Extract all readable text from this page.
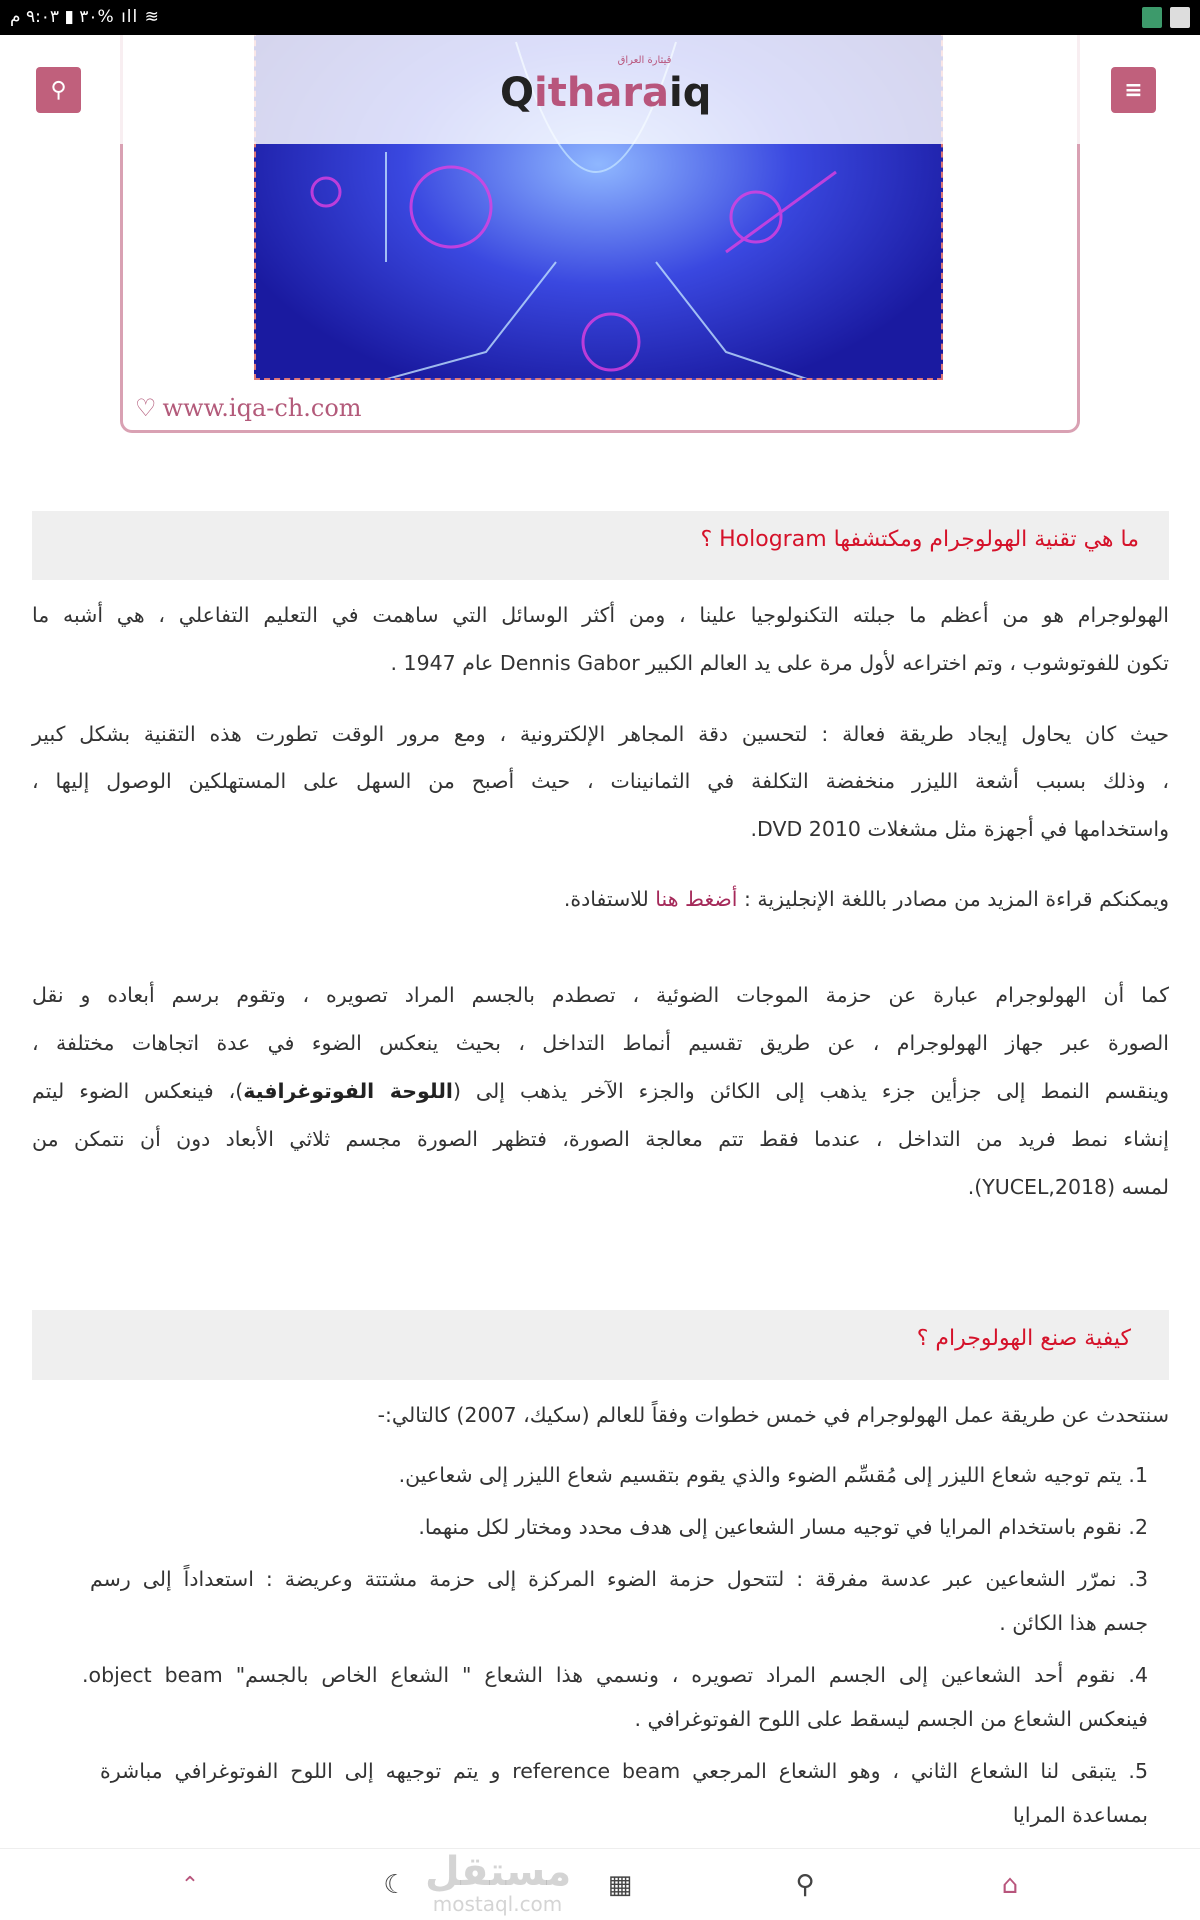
♡ www.iqa-ch.com
≋ ıll %٣٠ ▮ ٩:٠٣ م
⚲	Q ithara iq
قيثارة العراق
≡
ما هي تقنية الهولوجرام ومكتشفها Hologram ؟
الهولوجرام هو من أعظم ما جبلته التكنولوجيا علينا ، ومن أكثر الوسائل التي ساهمت في التعليم التفاعلي ، هي أشبه ما
تكون للفوتوشوب ، وتم اختراعه لأول مرة على يد العالم الكبير Dennis Gabor عام 1947 .
حيث كان يحاول إيجاد طريقة فعالة : لتحسين دقة المجاهر الإلكترونية ، ومع مرور الوقت تطورت هذه التقنية بشكل كبير
، وذلك بسبب أشعة الليزر منخفضة التكلفة في الثمانينات ، حيث أصبح من السهل على المستهلكين الوصول إليها ،
واستخدامها في أجهزة مثل مشغلات DVD 2010.
ويمكنكم قراءة المزيد من مصادر باللغة الإنجليزية : أضغط هنا للاستفادة.
كما أن الهولوجرام عبارة عن حزمة الموجات الضوئية ، تصطدم بالجسم المراد تصويره ، وتقوم برسم أبعاده و نقل
الصورة عبر جهاز الهولوجرام ، عن طريق تقسيم أنماط التداخل ، بحيث ينعكس الضوء في عدة اتجاهات مختلفة ،
وينقسم النمط إلى جزأين جزء يذهب إلى الكائن والجزء الآخر يذهب إلى (اللوحة الفوتوغرافية)، فينعكس الضوء ليتم
إنشاء نمط فريد من التداخل ، عندما فقط تتم معالجة الصورة، فتظهر الصورة مجسم ثلاثي الأبعاد دون أن نتمكن من
لمسه (YUCEL,2018).
كيفية صنع الهولوجرام ؟
سنتحدث عن طريقة عمل الهولوجرام في خمس خطوات وفقاً للعالم (سكيك، 2007) كالتالي:-
1. يتم توجيه شعاع الليزر إلى مُقسِّم الضوء والذي يقوم بتقسيم شعاع الليزر إلى شعاعين.
2. نقوم باستخدام المرايا في توجيه مسار الشعاعين إلى هدف محدد ومختار لكل منهما.
3. نمرّر الشعاعين عبر عدسة مفرقة : لتتحول حزمة الضوء المركزة إلى حزمة مشتتة وعريضة : استعداداً إلى رسم
جسم هذا الكائن .
4. نقوم أحد الشعاعين إلى الجسم المراد تصويره ، ونسمي هذا الشعاع " الشعاع الخاص بالجسم" object beam.
فينعكس الشعاع من الجسم ليسقط على اللوح الفوتوغرافي .
5. يتبقى لنا الشعاع الثاني ، وهو الشعاع المرجعي reference beam و يتم توجيهه إلى اللوح الفوتوغرافي مباشرة
بمساعدة المرايا
⌃	☾	▦	⚲	⌂
مستقل
mostaql.com
